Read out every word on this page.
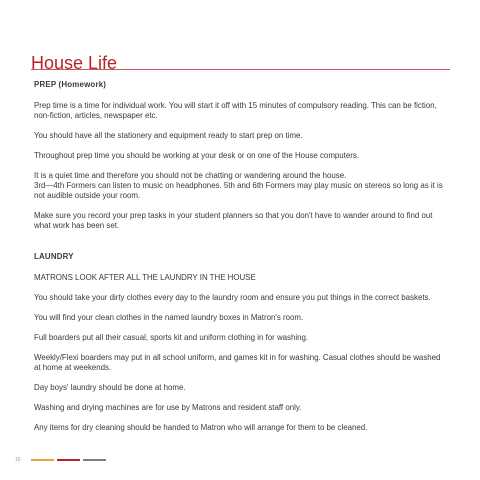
House Life
PREP (Homework)

Prep time is a time for individual work. You will start it off with 15 minutes of compulsory reading. This can be fiction, non-fiction, articles, newspaper etc.

You should have all the stationery and equipment ready to start prep on time.

Throughout prep time you should be working at your desk or on one of the House computers.

It is a quiet time and therefore you should not be chatting or wandering around the house.
3rd—4th Formers can listen to music on headphones. 5th and 6th Formers may play music on stereos so long as it is not audible outside your room.

Make sure you record your prep tasks in your student planners so that you don't have to wander around to find out what work has been set.

LAUNDRY

MATRONS LOOK AFTER ALL THE LAUNDRY IN THE HOUSE

You should take your dirty clothes every day to the laundry room and ensure you put things in the correct baskets.

You will find your clean clothes in the named laundry boxes in Matron's room.

Full boarders put all their casual, sports kit and uniform clothing in for washing.

Weekly/Flexi boarders may put in all school uniform, and games kit in for washing. Casual clothes should be washed at home at weekends.

Day boys' laundry should be done at home.

Washing and drying machines are for use by Matrons and resident staff only.

Any items for dry cleaning should be handed to Matron who will arrange for them to be cleaned.

16
